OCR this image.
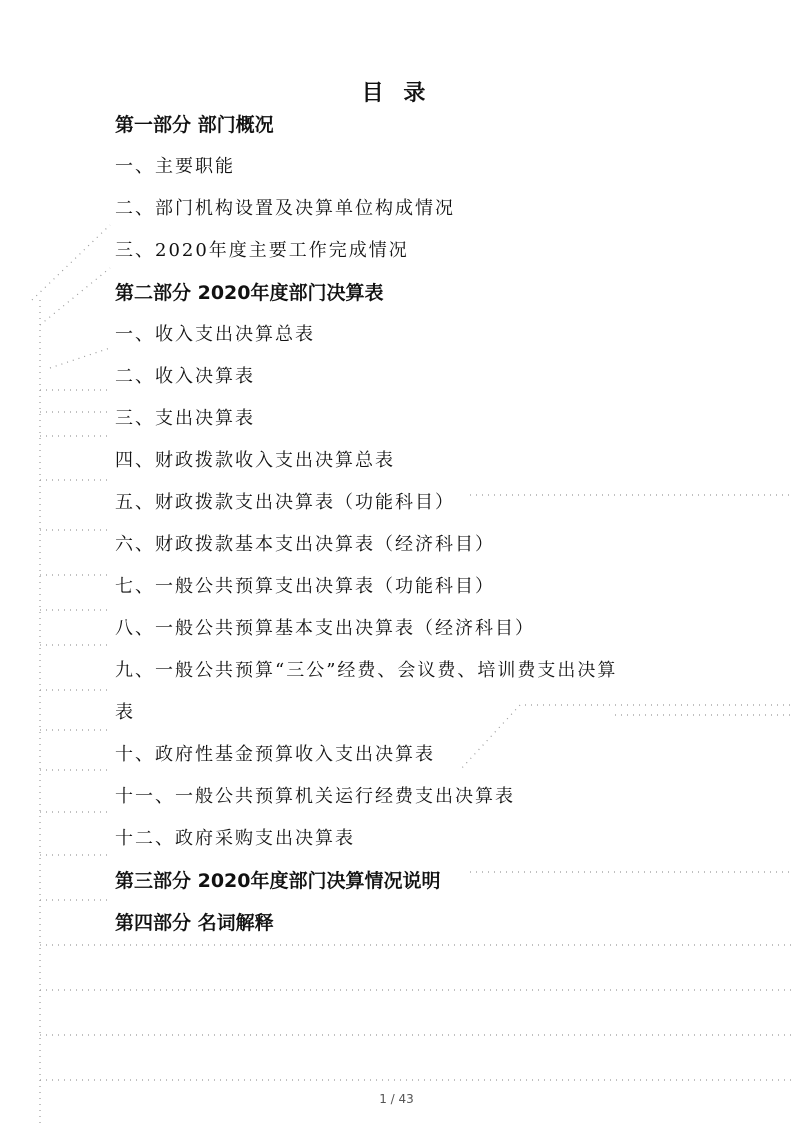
目 录
第一部分 部门概况
一、主要职能
二、部门机构设置及决算单位构成情况
三、2020年度主要工作完成情况
第二部分 2020年度部门决算表
一、收入支出决算总表
二、收入决算表
三、支出决算表
四、财政拨款收入支出决算总表
五、财政拨款支出决算表（功能科目）
六、财政拨款基本支出决算表（经济科目）
七、一般公共预算支出决算表（功能科目）
八、一般公共预算基本支出决算表（经济科目）
九、一般公共预算“三公”经费、会议费、培训费支出决算
表
十、政府性基金预算收入支出决算表
十一、一般公共预算机关运行经费支出决算表
十二、政府采购支出决算表
第三部分 2020年度部门决算情况说明
第四部分 名词解释
1 / 43
